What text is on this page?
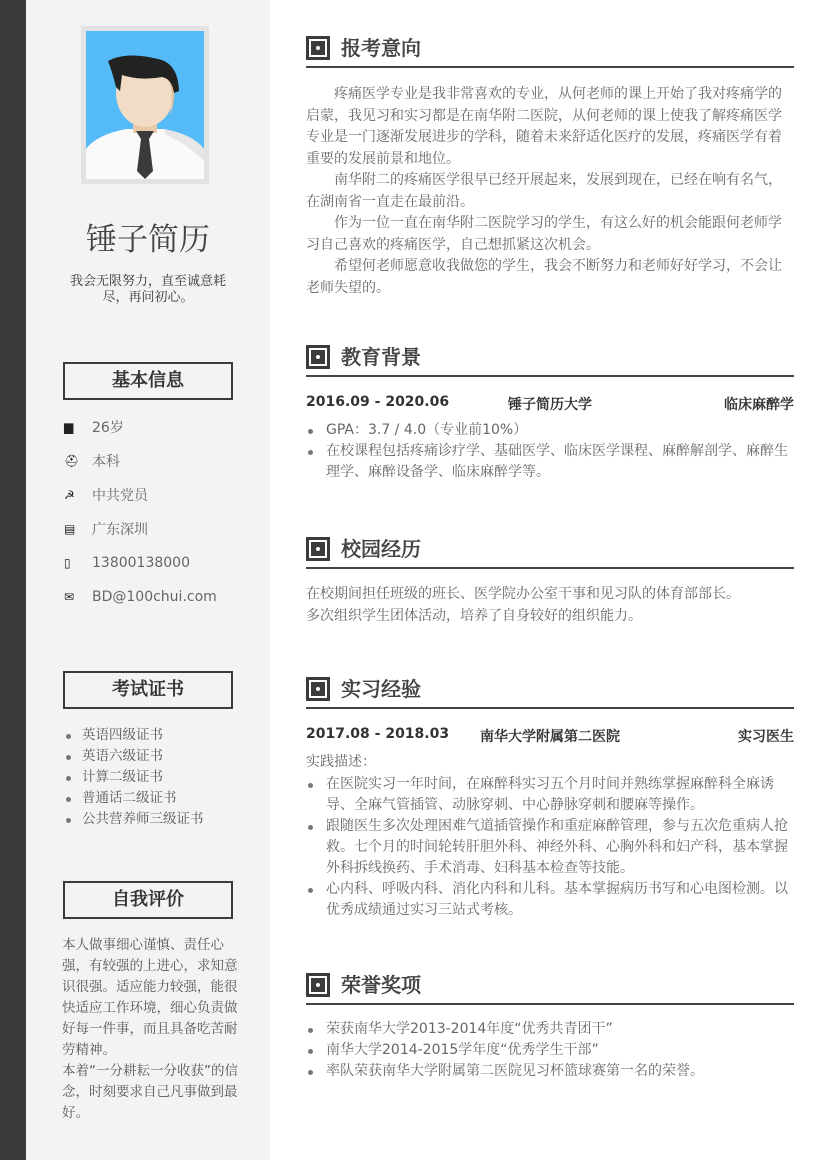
锤子简历
我会无限努力，直至诚意耗尽，再问初心。
基本信息
▆	26岁
⛑ 本科
☭	中共党员
▤	广东深圳
▯	13800138000
✉	BD@100chui.com
考试证书
英语四级证书
英语六级证书
计算二级证书
普通话二级证书
公共营养师三级证书
自我评价

本人做事细心谨慎、责任心强，有较强的上进心，求知意识很强。适应能力较强，能很快适应工作环境，细心负责做好每一件事，而且具备吃苦耐劳精神。

本着“一分耕耘一分收获”的信念，时刻要求自己凡事做到最好。

报考意向

疼痛医学专业是我非常喜欢的专业，从何老师的课上开始了我对疼痛学的启蒙，我见习和实习都是在南华附二医院，从何老师的课上使我了解疼痛医学专业是一门逐渐发展进步的学科，随着未来舒适化医疗的发展，疼痛医学有着重要的发展前景和地位。

南华附二的疼痛医学很早已经开展起来，发展到现在，已经在响有名气，在湖南省一直走在最前沿。

作为一位一直在南华附二医院学习的学生，有这么好的机会能跟何老师学习自己喜欢的疼痛医学，自己想抓紧这次机会。

希望何老师愿意收我做您的学生，我会不断努力和老师好好学习，不会让老师失望的。

教育背景
2016.09 - 2020.06	锤子简历大学	临床麻醉学
GPA：3.7 / 4.0（专业前10%）
在校课程包括疼痛诊疗学、基础医学、临床医学课程、麻醉解剖学、麻醉生理学、麻醉设备学、临床麻醉学等。
校园经历

在校期间担任班级的班长、医学院办公室干事和见习队的体育部部长。

多次组织学生团体活动，培养了自身较好的组织能力。

实习经验
2017.08 - 2018.03	南华大学附属第二医院	实习医生

实践描述：

在医院实习一年时间，在麻醉科实习五个月时间并熟练掌握麻醉科全麻诱导、全麻气管插管、动脉穿刺、中心静脉穿刺和腰麻等操作。
跟随医生多次处理困难气道插管操作和重症麻醉管理，参与五次危重病人抢救。七个月的时间轮转肝胆外科、神经外科、心胸外科和妇产科，基本掌握外科拆线换药、手术消毒、妇科基本检查等技能。
心内科、呼吸内科、消化内科和儿科。基本掌握病历书写和心电图检测。以优秀成绩通过实习三站式考核。
荣誉奖项
荣获南华大学2013-2014年度“优秀共青团干”
南华大学2014-2015学年度“优秀学生干部”
率队荣获南华大学附属第二医院见习杯篮球赛第一名的荣誉。
